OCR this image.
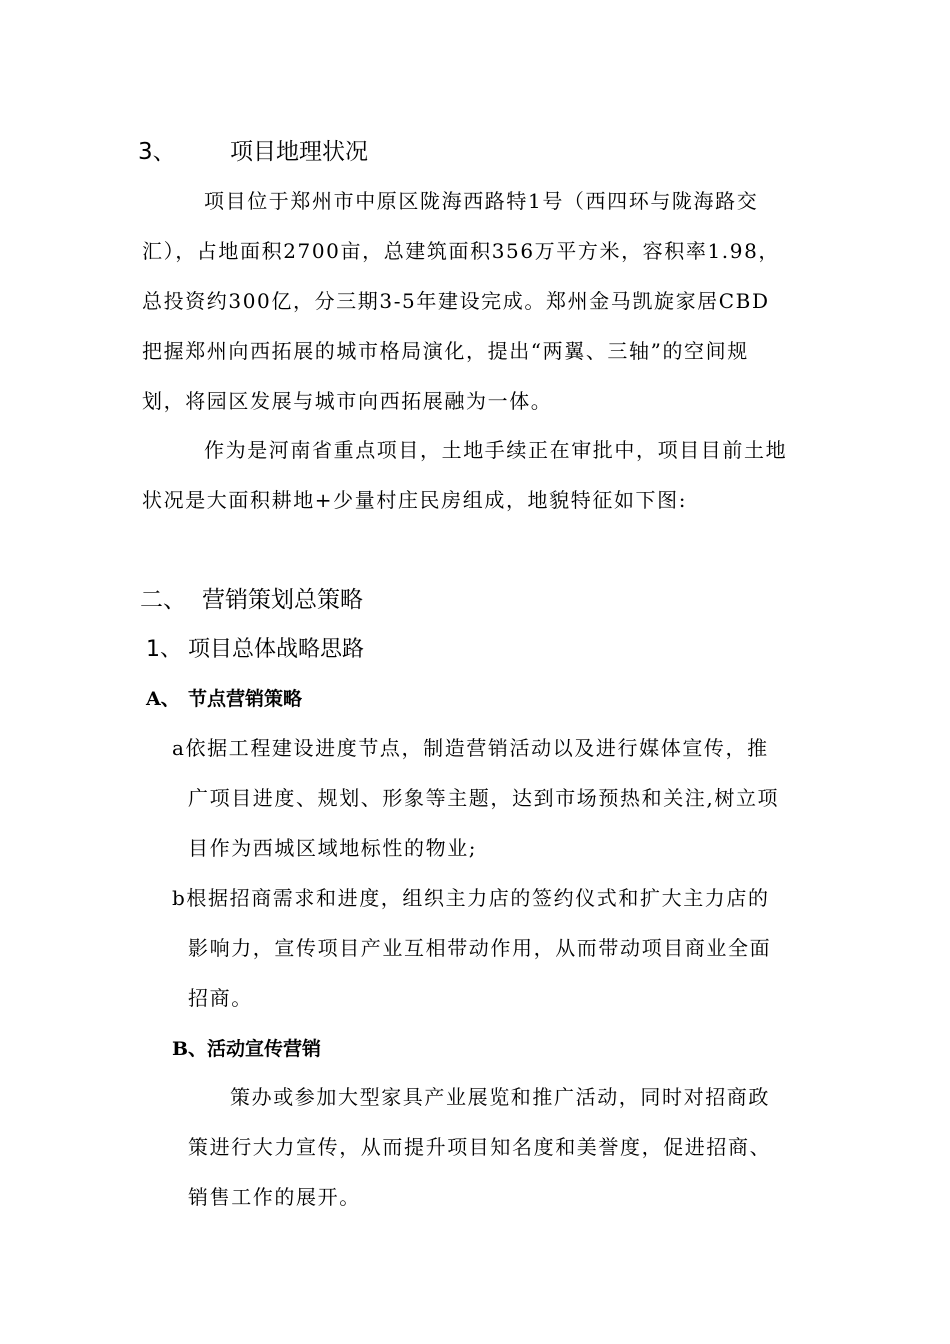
3、 项目地理状况
项目位于郑州市中原区陇海西路特1号（西四环与陇海路交
汇），占地面积2700亩，总建筑面积356万平方米，容积率1.98，
总投资约300亿，分三期3-5年建设完成。郑州金马凯旋家居CBD
把握郑州向西拓展的城市格局演化，提出“两翼、三轴”的空间规
划，将园区发展与城市向西拓展融为一体。
作为是河南省重点项目，土地手续正在审批中，项目目前土地
状况是大面积耕地+少量村庄民房组成，地貌特征如下图:
二、 营销策划总策略
1、 项目总体战略思路
A、 节点营销策略
a依据工程建设进度节点，制造营销活动以及进行媒体宣传，推
广项目进度、规划、形象等主题，达到市场预热和关注,树立项
目作为西城区域地标性的物业;
b根据招商需求和进度，组织主力店的签约仪式和扩大主力店的
影响力，宣传项目产业互相带动作用，从而带动项目商业全面
招商。
B、活动宣传营销
策办或参加大型家具产业展览和推广活动，同时对招商政
策进行大力宣传，从而提升项目知名度和美誉度，促进招商、
销售工作的展开。
